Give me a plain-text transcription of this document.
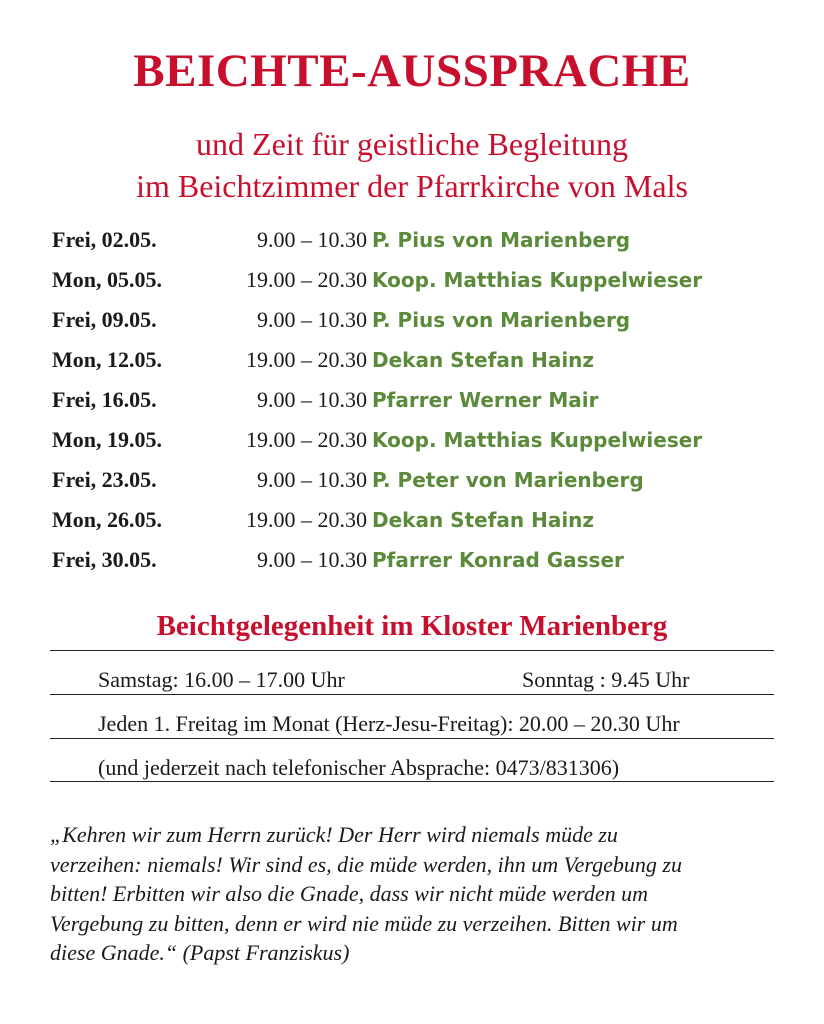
BEICHTE-AUSSPRACHE
und Zeit für geistliche Begleitung
im Beichtzimmer der Pfarrkirche von Mals
Frei, 02.05.	9.00 – 10.30 P. Pius von Marienberg
Mon, 05.05.	19.00 – 20.30 Koop. Matthias Kuppelwieser
Frei, 09.05.	9.00 – 10.30 P. Pius von Marienberg
Mon, 12.05.	19.00 – 20.30 Dekan Stefan Hainz
Frei, 16.05.	9.00 – 10.30 Pfarrer Werner Mair
Mon, 19.05.	19.00 – 20.30 Koop. Matthias Kuppelwieser
Frei, 23.05.	9.00 – 10.30 P. Peter von Marienberg
Mon, 26.05.	19.00 – 20.30 Dekan Stefan Hainz
Frei, 30.05.	9.00 – 10.30 Pfarrer Konrad Gasser
Beichtgelegenheit im Kloster Marienberg
Samstag: 16.00 – 17.00 Uhr	Sonntag : 9.45 Uhr
Jeden 1. Freitag im Monat (Herz-Jesu-Freitag): 20.00 – 20.30 Uhr
(und jederzeit nach telefonischer Absprache: 0473/831306)
„Kehren wir zum Herrn zurück! Der Herr wird niemals müde zu
verzeihen: niemals! Wir sind es, die müde werden, ihn um Vergebung zu
bitten! Erbitten wir also die Gnade, dass wir nicht müde werden um
Vergebung zu bitten, denn er wird nie müde zu verzeihen. Bitten wir um
diese Gnade.“ (Papst Franziskus)
